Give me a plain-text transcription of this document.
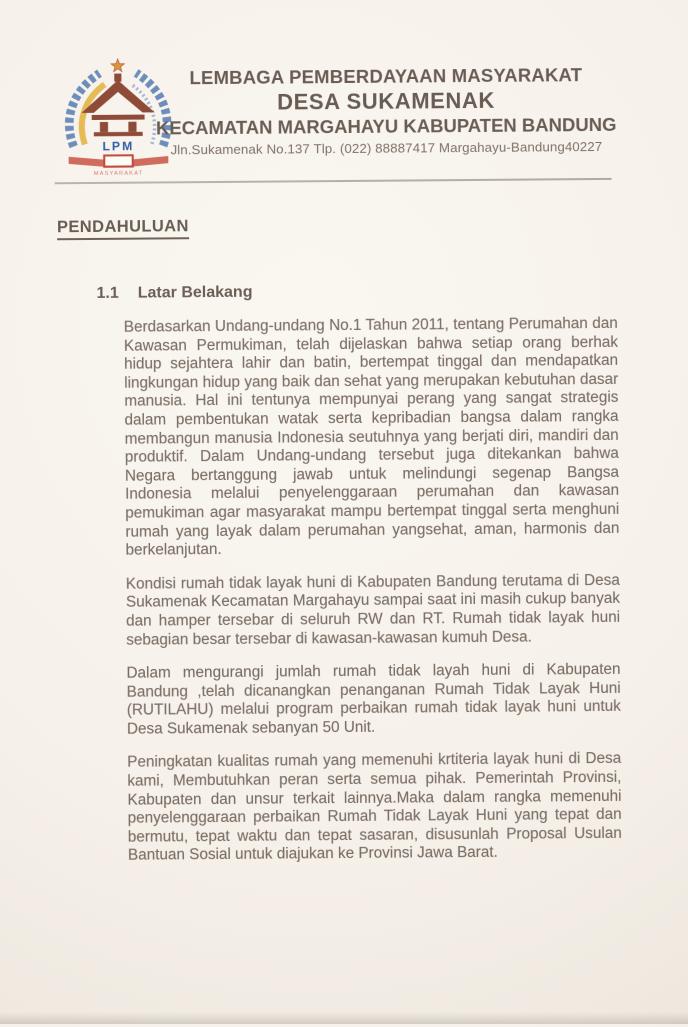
LPM
MASYARAKAT
LEMBAGA PEMBERDAYAAN MASYARAKAT
DESA SUKAMENAK
KECAMATAN MARGAHAYU KABUPATEN BANDUNG
Jln.Sukamenak No.137 Tlp. (022) 88887417 Margahayu-Bandung40227
PENDAHULUAN
1.1 Latar Belakang

Berdasarkan Undang-undang No.1 Tahun 2011, tentang Perumahan dan Kawasan Permukiman, telah dijelaskan bahwa setiap orang berhak hidup sejahtera lahir dan batin, bertempat tinggal dan mendapatkan lingkungan hidup yang baik dan sehat yang merupakan kebutuhan dasar manusia. Hal ini tentunya mempunyai perang yang sangat strategis dalam pembentukan watak serta kepribadian bangsa dalam rangka membangun manusia Indonesia seutuhnya yang berjati diri, mandiri dan produktif. Dalam Undang-undang tersebut juga ditekankan bahwa Negara bertanggung jawab untuk melindungi segenap Bangsa Indonesia melalui penyelenggaraan perumahan dan kawasan pemukiman agar masyarakat mampu bertempat tinggal serta menghuni rumah yang layak dalam perumahan yangsehat, aman, harmonis dan berkelanjutan.

Kondisi rumah tidak layak huni di Kabupaten Bandung terutama di Desa Sukamenak Kecamatan Margahayu sampai saat ini masih cukup banyak dan hamper tersebar di seluruh RW dan RT. Rumah tidak layak huni sebagian besar tersebar di kawasan-kawasan kumuh Desa.

Dalam mengurangi jumlah rumah tidak layah huni di Kabupaten Bandung ,telah dicanangkan penanganan Rumah Tidak Layak Huni (RUTILAHU) melalui program perbaikan rumah tidak layak huni untuk Desa Sukamenak sebanyan 50 Unit.

Peningkatan kualitas rumah yang memenuhi krtiteria layak huni di Desa kami, Membutuhkan peran serta semua pihak. Pemerintah Provinsi, Kabupaten dan unsur terkait lainnya.Maka dalam rangka memenuhi penyelenggaraan perbaikan Rumah Tidak Layak Huni yang tepat dan bermutu, tepat waktu dan tepat sasaran, disusunlah Proposal Usulan Bantuan Sosial untuk diajukan ke Provinsi Jawa Barat.
